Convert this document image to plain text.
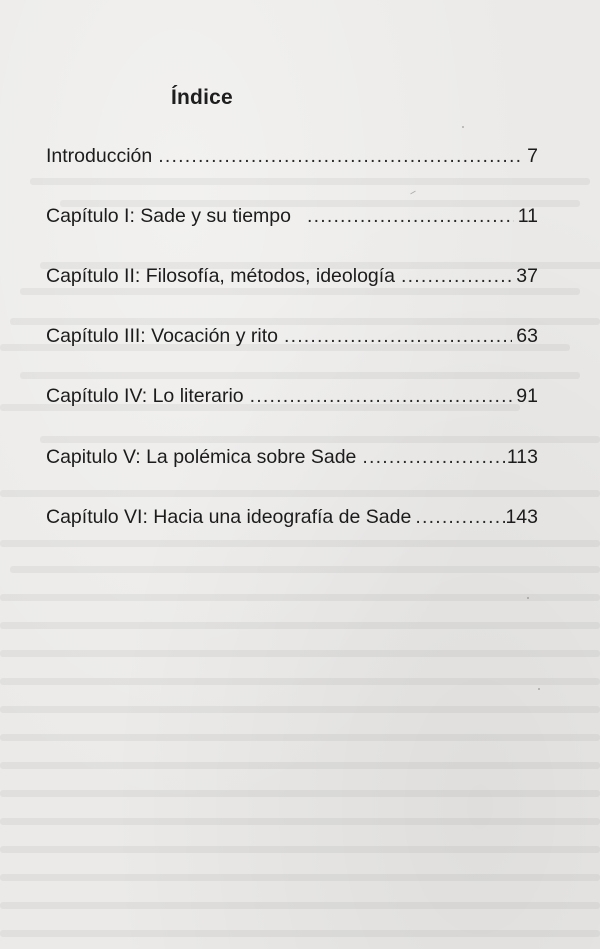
Índice
Introducción .....	7
Capítulo I: Sade y su tiempo .....	11
Capítulo II: Filosofía, métodos, ideología .....	37
Capítulo III: Vocación y rito .....	63
Capítulo IV: Lo literario .....	91
Capitulo V: La polémica sobre Sade .....	113
Capítulo VI: Hacia una ideografía de Sade .....	143
